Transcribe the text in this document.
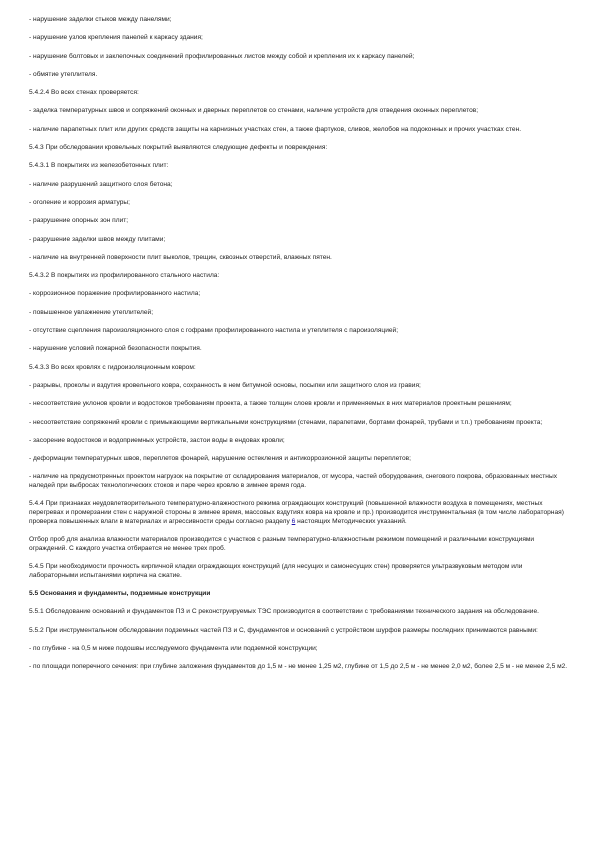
- нарушение заделки стыков между панелями;
- нарушение узлов крепления панелей к каркасу здания;
- нарушение болтовых и заклепочных соединений профилированных листов между собой и крепления их к каркасу панелей;
- обмятие утеплителя.
5.4.2.4 Во всех стенах проверяется:
- заделка температурных швов и сопряжений оконных и дверных переплетов со стенами, наличие устройств для отведения оконных переплетов;
- наличие парапетных плит или других средств защиты на карнизных участках стен, а также фартуков, сливов, желобов на подоконных и прочих участках стен.
5.4.3 При обследовании кровельных покрытий выявляются следующие дефекты и повреждения:
5.4.3.1 В покрытиях из железобетонных плит:
- наличие разрушений защитного слоя бетона;
- оголение и коррозия арматуры;
- разрушение опорных зон плит;
- разрушение заделки швов между плитами;
- наличие на внутренней поверхности плит выколов, трещин, сквозных отверстий, влажных пятен.
5.4.3.2 В покрытиях из профилированного стального настила:
- коррозионное поражение профилированного настила;
- повышенное увлажнение утеплителей;
- отсутствие сцепления пароизоляционного слоя с гофрами профилированного настила и утеплителя с пароизоляцией;
- нарушение условий пожарной безопасности покрытия.
5.4.3.3 Во всех кровлях с гидроизоляционным ковром:
- разрывы, проколы и вздутия кровельного ковра, сохранность в нем битумной основы, посыпки или защитного слоя из гравия;
- несоответствие уклонов кровли и водостоков требованиям проекта, а также толщин слоев кровли и применяемых в них материалов проектным решениям;
- несоответствие сопряжений кровли с примыкающими вертикальными конструкциями (стенами, парапетами, бортами фонарей, трубами и т.п.) требованиям проекта;
- засорение водостоков и водоприемных устройств, застои воды в ендовах кровли;
- деформации температурных швов, переплетов фонарей, нарушение остекления и антикоррозионной защиты переплетов;
- наличие на предусмотренных проектом нагрузок на покрытие от складирования материалов, от мусора, частей оборудования, снегового покрова, образованных местных наледей при выбросах технологических стоков и паре через кровлю в зимнее время года.
5.4.4 При признаках неудовлетворительного температурно-влажностного режима ограждающих конструкций (повышенной влажности воздуха в помещениях, местных перегревах и промерзании стен с наружной стороны в зимнее время, массовых вздутиях ковра на кровле и пр.) производится инструментальная (в том числе лабораторная) проверка повышенных влаги в материалах и агрессивности среды согласно разделу 6 настоящих Методических указаний.
Отбор проб для анализа влажности материалов производится с участков с разным температурно-влажностным режимом помещений и различными конструкциями ограждений. С каждого участка отбирается не менее трех проб.
5.4.5 При необходимости прочность кирпичной кладки ограждающих конструкций (для несущих и самонесущих стен) проверяется ультразвуковым методом или лабораторными испытаниями кирпича на сжатие.
5.5 Основания и фундаменты, подземные конструкции
5.5.1 Обследование оснований и фундаментов ПЗ и С реконструируемых ТЭС производится в соответствии с требованиями технического задания на обследование.
5.5.2 При инструментальном обследовании подземных частей ПЗ и С, фундаментов и оснований с устройством шурфов размеры последних принимаются равными:
- по глубине - на 0,5 м ниже подошвы исследуемого фундамента или подземной конструкции;
- по площади поперечного сечения: при глубине заложения фундаментов до 1,5 м - не менее 1,25 м2, глубине от 1,5 до 2,5 м - не менее 2,0 м2, более 2,5 м - не менее 2,5 м2.
